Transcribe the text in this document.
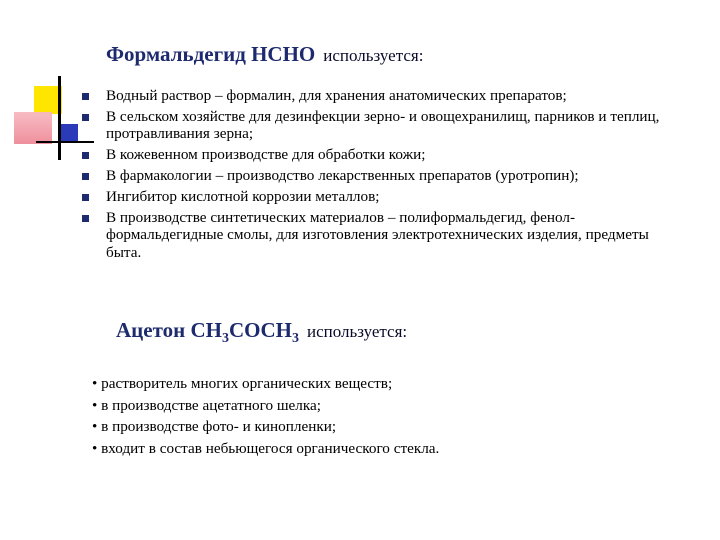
Формальдегид HCHO используется:
Водный раствор – формалин, для хранения анатомических препаратов;
В сельском хозяйстве для дезинфекции зерно- и овощехранилищ, парников и теплиц, протравливания зерна;
В кожевенном производстве для обработки кожи;
В фармакологии – производство лекарственных препаратов (уротропин);
Ингибитор кислотной коррозии металлов;
В производстве синтетических материалов – полиформальдегид, фенол-формальдегидные смолы, для изготовления электротехнических изделия, предметы быта.
Ацетон $CH_3COCH_3$ используется:
• растворитель многих органических веществ;
• в производстве ацетатного шелка;
• в производстве фото- и кинопленки;
• входит в состав небьющегося органического стекла.
